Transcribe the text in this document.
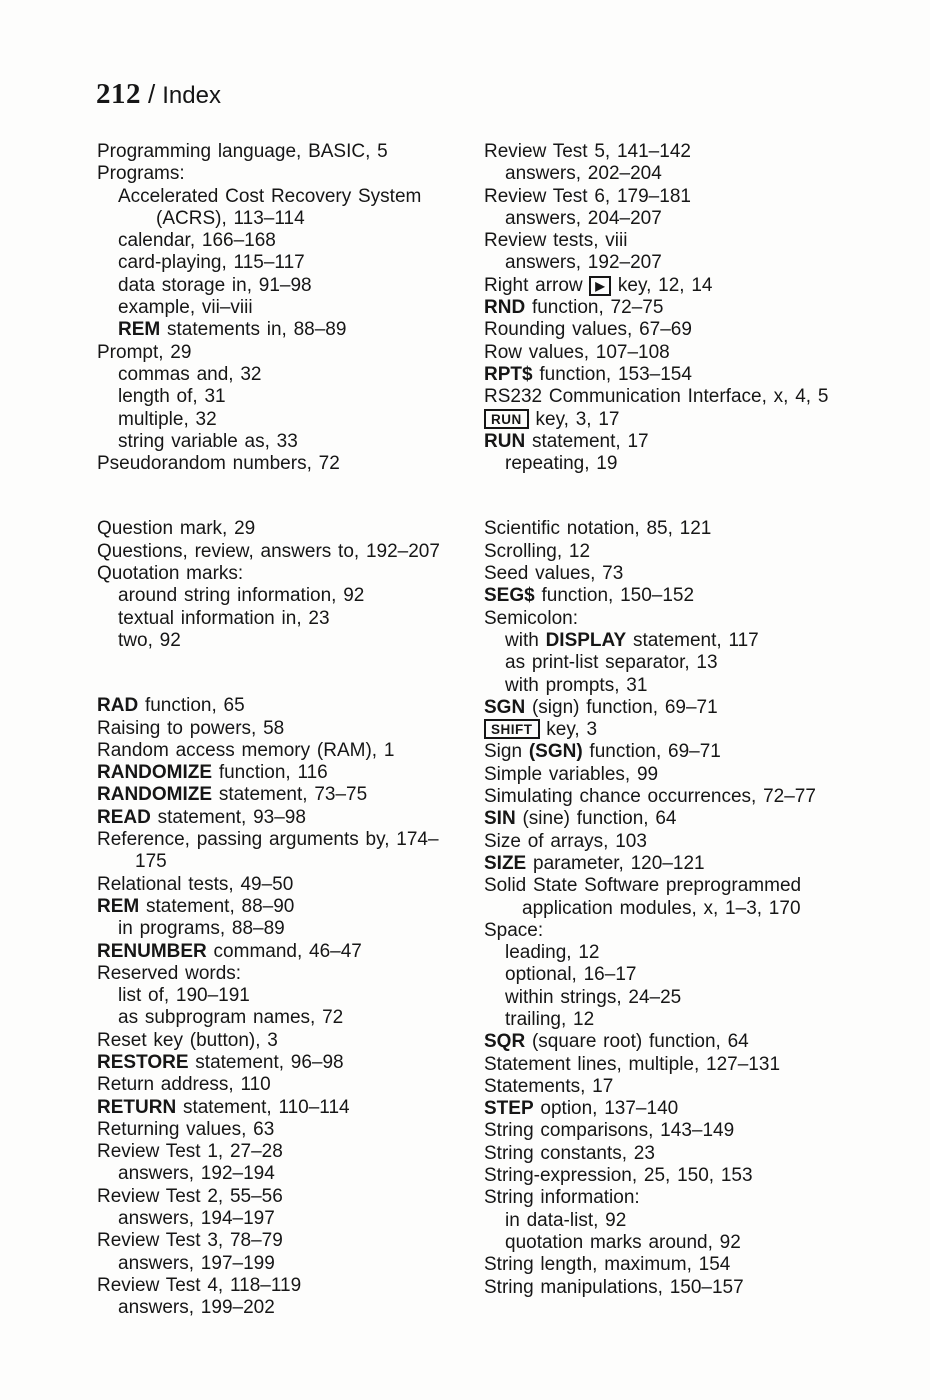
212 / Index
Programming language, BASIC, 5
Programs:
Accelerated Cost Recovery System
(ACRS), 113–114
calendar, 166–168
card-playing, 115–117
data storage in, 91–98
example, vii–viii
REM statements in, 88–89
Prompt, 29
commas and, 32
length of, 31
multiple, 32
string variable as, 33
Pseudorandom numbers, 72
Question mark, 29
Questions, review, answers to, 192–207
Quotation marks:
around string information, 92
textual information in, 23
two, 92
RAD function, 65
Raising to powers, 58
Random access memory (RAM), 1
RANDOMIZE function, 116
RANDOMIZE statement, 73–75
READ statement, 93–98
Reference, passing arguments by, 174–
175
Relational tests, 49–50
REM statement, 88–90
in programs, 88–89
RENUMBER command, 46–47
Reserved words:
list of, 190–191
as subprogram names, 72
Reset key (button), 3
RESTORE statement, 96–98
Return address, 110
RETURN statement, 110–114
Returning values, 63
Review Test 1, 27–28
answers, 192–194
Review Test 2, 55–56
answers, 194–197
Review Test 3, 78–79
answers, 197–199
Review Test 4, 118–119
answers, 199–202
Review Test 5, 141–142
answers, 202–204
Review Test 6, 179–181
answers, 204–207
Review tests, viii
answers, 192–207
Right arrow ▶ key, 12, 14
RND function, 72–75
Rounding values, 67–69
Row values, 107–108
RPT$ function, 153–154
RS232 Communication Interface, x, 4, 5
RUN key, 3, 17
RUN statement, 17
repeating, 19
Scientific notation, 85, 121
Scrolling, 12
Seed values, 73
SEG$ function, 150–152
Semicolon:
with DISPLAY statement, 117
as print-list separator, 13
with prompts, 31
SGN (sign) function, 69–71
SHIFT key, 3
Sign (SGN) function, 69–71
Simple variables, 99
Simulating chance occurrences, 72–77
SIN (sine) function, 64
Size of arrays, 103
SIZE parameter, 120–121
Solid State Software preprogrammed
application modules, x, 1–3, 170
Space:
leading, 12
optional, 16–17
within strings, 24–25
trailing, 12
SQR (square root) function, 64
Statement lines, multiple, 127–131
Statements, 17
STEP option, 137–140
String comparisons, 143–149
String constants, 23
String-expression, 25, 150, 153
String information:
in data-list, 92
quotation marks around, 92
String length, maximum, 154
String manipulations, 150–157
